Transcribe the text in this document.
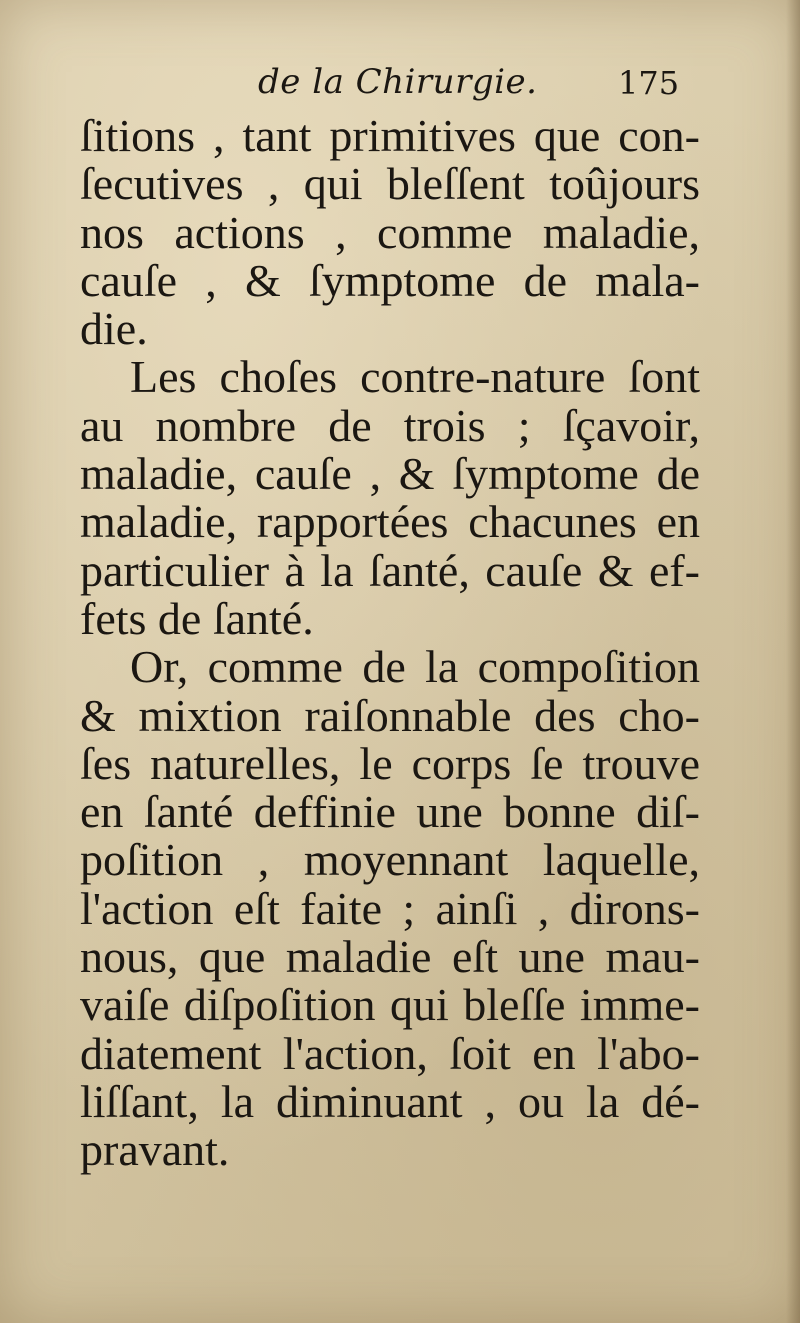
de la Chirurgie.	175
ſitions , tant primitives que con-
ſecutives , qui bleſſent toûjours
nos actions , comme maladie,
cauſe , & ſymptome de mala-
die.
Les choſes contre-nature ſont
au nombre de trois ; ſçavoir,
maladie, cauſe , & ſymptome de
maladie, rapportées chacunes en
particulier à la ſanté, cauſe & ef-
fets de ſanté.
Or, comme de la compoſition
& mixtion raiſonnable des cho-
ſes naturelles, le corps ſe trouve
en ſanté deffinie une bonne diſ-
poſition , moyennant laquelle,
l'action eſt faite ; ainſi , dirons-
nous, que maladie eſt une mau-
vaiſe diſpoſition qui bleſſe imme-
diatement l'action, ſoit en l'abo-
liſſant, la diminuant , ou la dé-
pravant.
